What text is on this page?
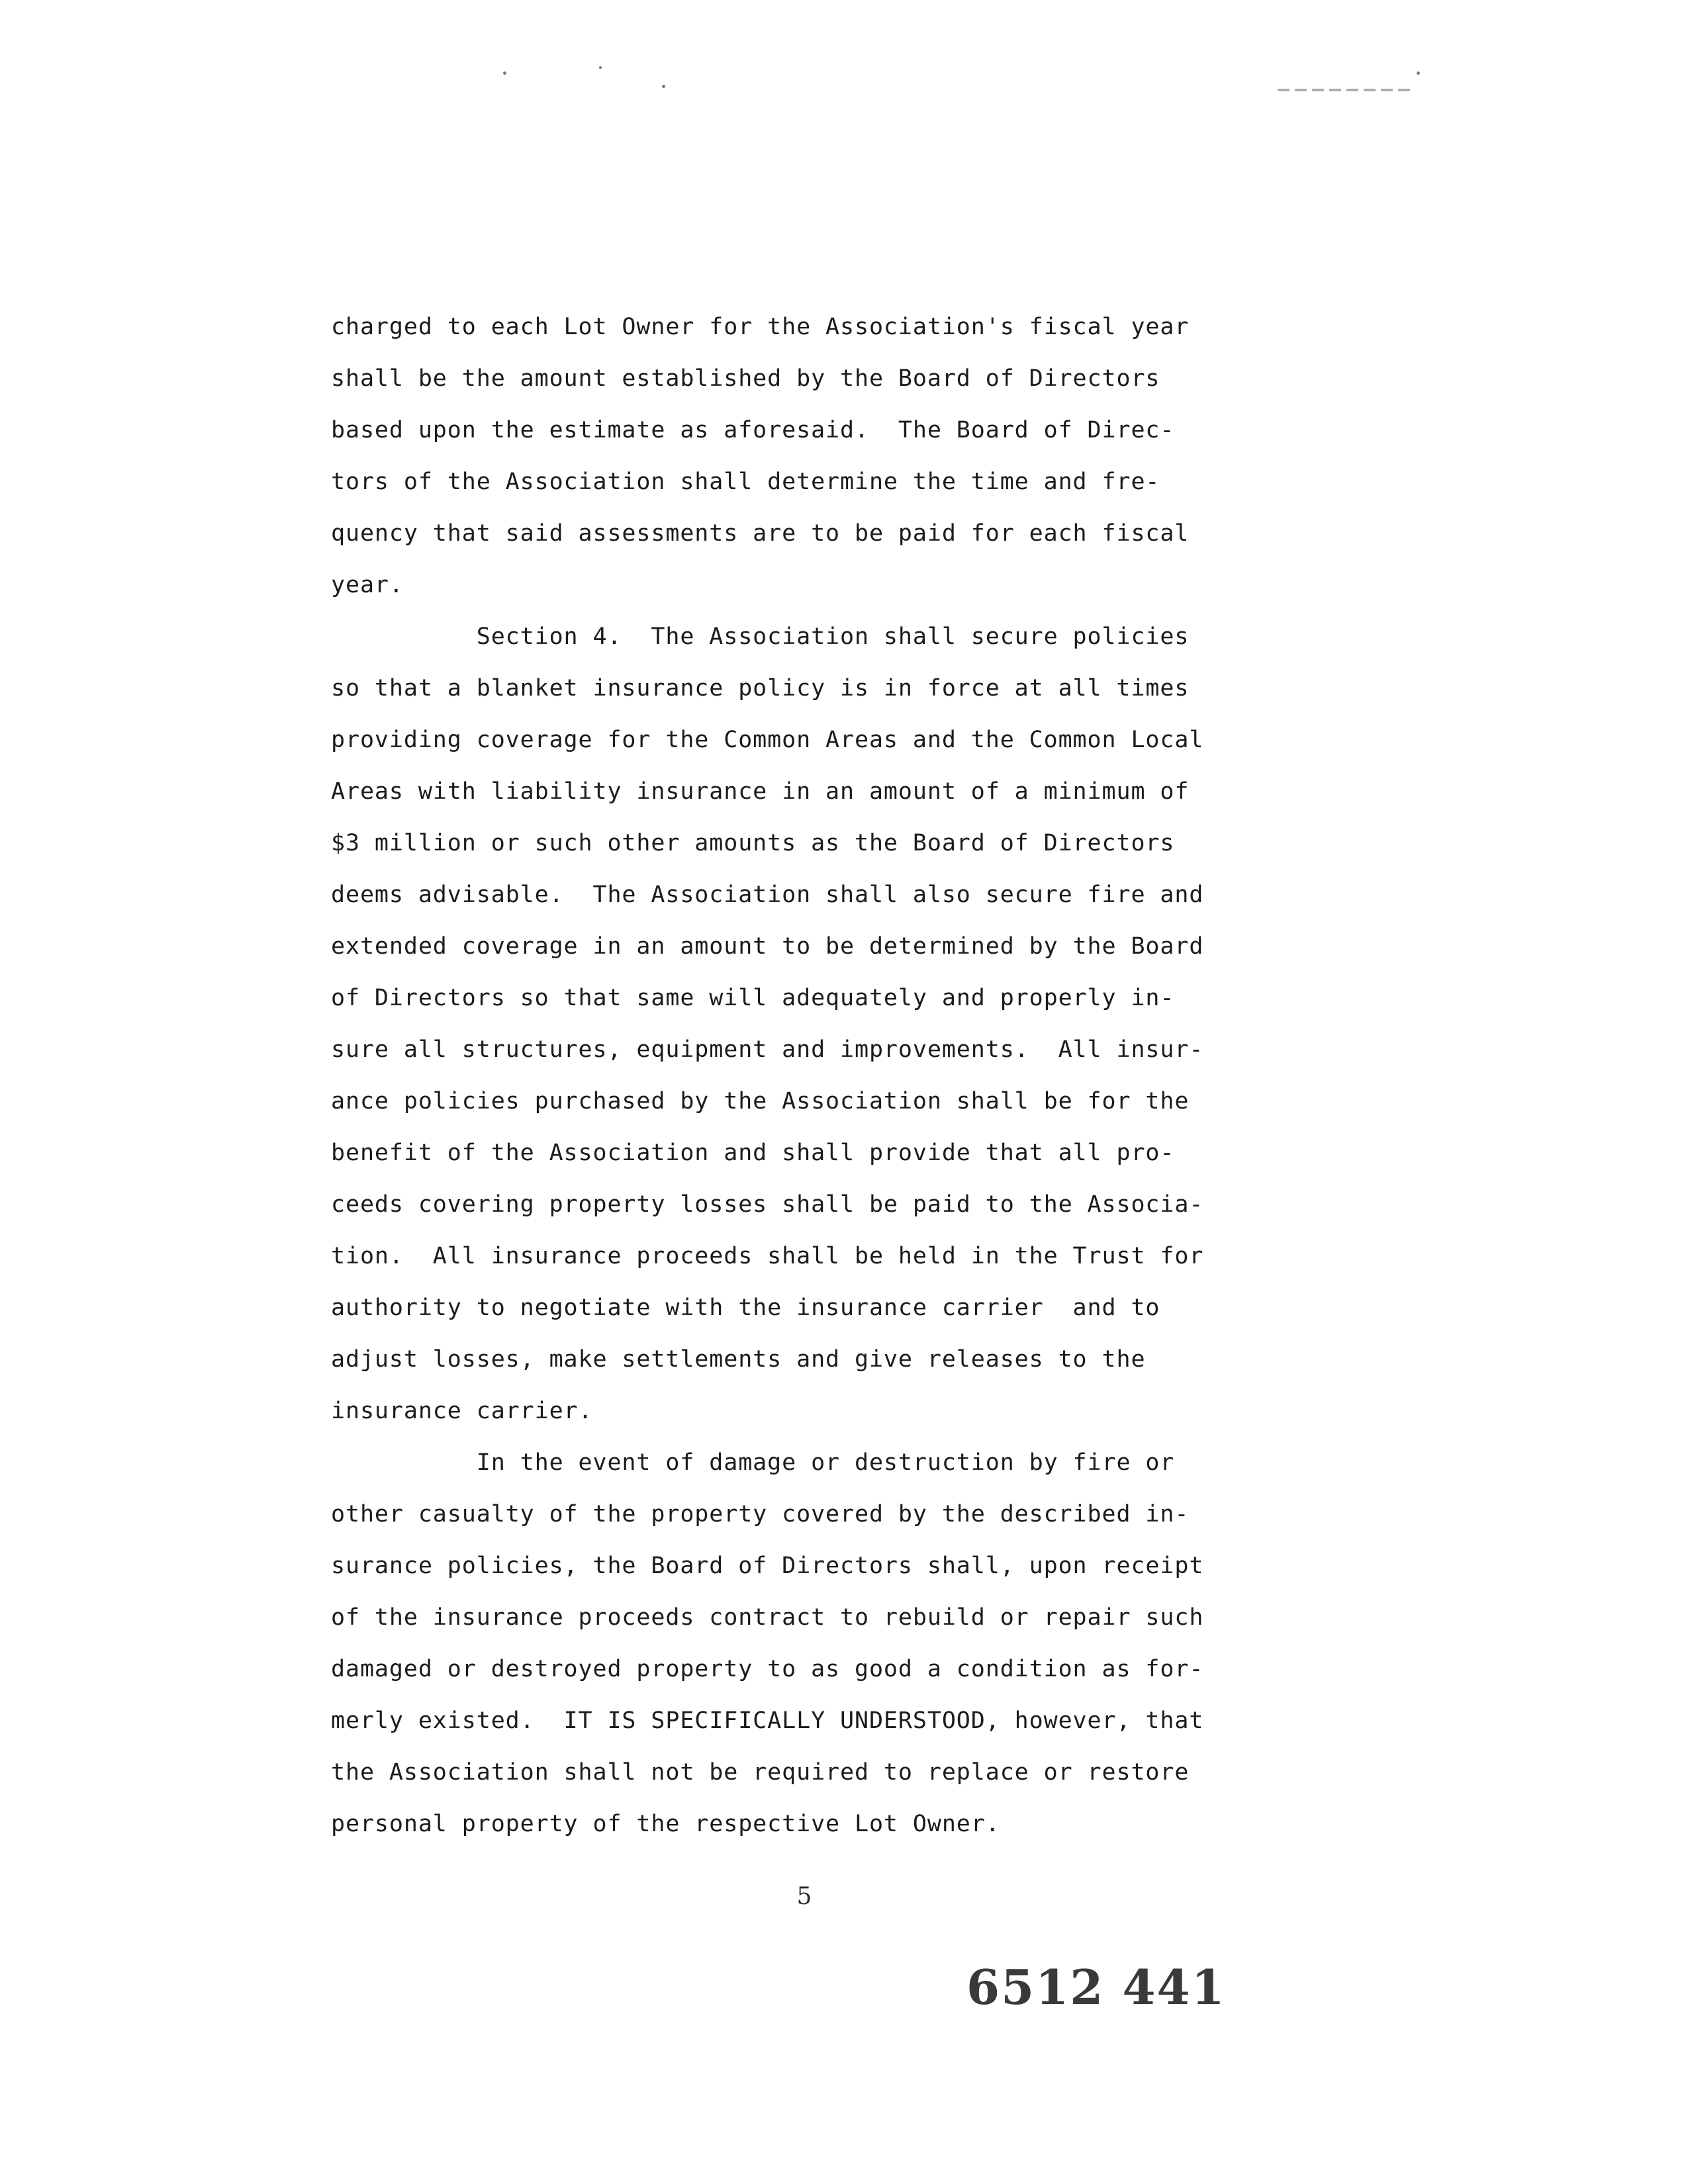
charged to each Lot Owner for the Association's fiscal year
shall be the amount established by the Board of Directors
based upon the estimate as aforesaid.  The Board of Direc-
tors of the Association shall determine the time and fre-
quency that said assessments are to be paid for each fiscal
year.
Section 4.  The Association shall secure policies
so that a blanket insurance policy is in force at all times
providing coverage for the Common Areas and the Common Local
Areas with liability insurance in an amount of a minimum of
$3 million or such other amounts as the Board of Directors
deems advisable.  The Association shall also secure fire and
extended coverage in an amount to be determined by the Board
of Directors so that same will adequately and properly in-
sure all structures, equipment and improvements.  All insur-
ance policies purchased by the Association shall be for the
benefit of the Association and shall provide that all pro-
ceeds covering property losses shall be paid to the Associa-
tion.  All insurance proceeds shall be held in the Trust for
authority to negotiate with the insurance carrier  and to
adjust losses, make settlements and give releases to the
insurance carrier.
In the event of damage or destruction by fire or
other casualty of the property covered by the described in-
surance policies, the Board of Directors shall, upon receipt
of the insurance proceeds contract to rebuild or repair such
damaged or destroyed property to as good a condition as for-
merly existed.  IT IS SPECIFICALLY UNDERSTOOD, however, that
the Association shall not be required to replace or restore
personal property of the respective Lot Owner.
5
6512 441
